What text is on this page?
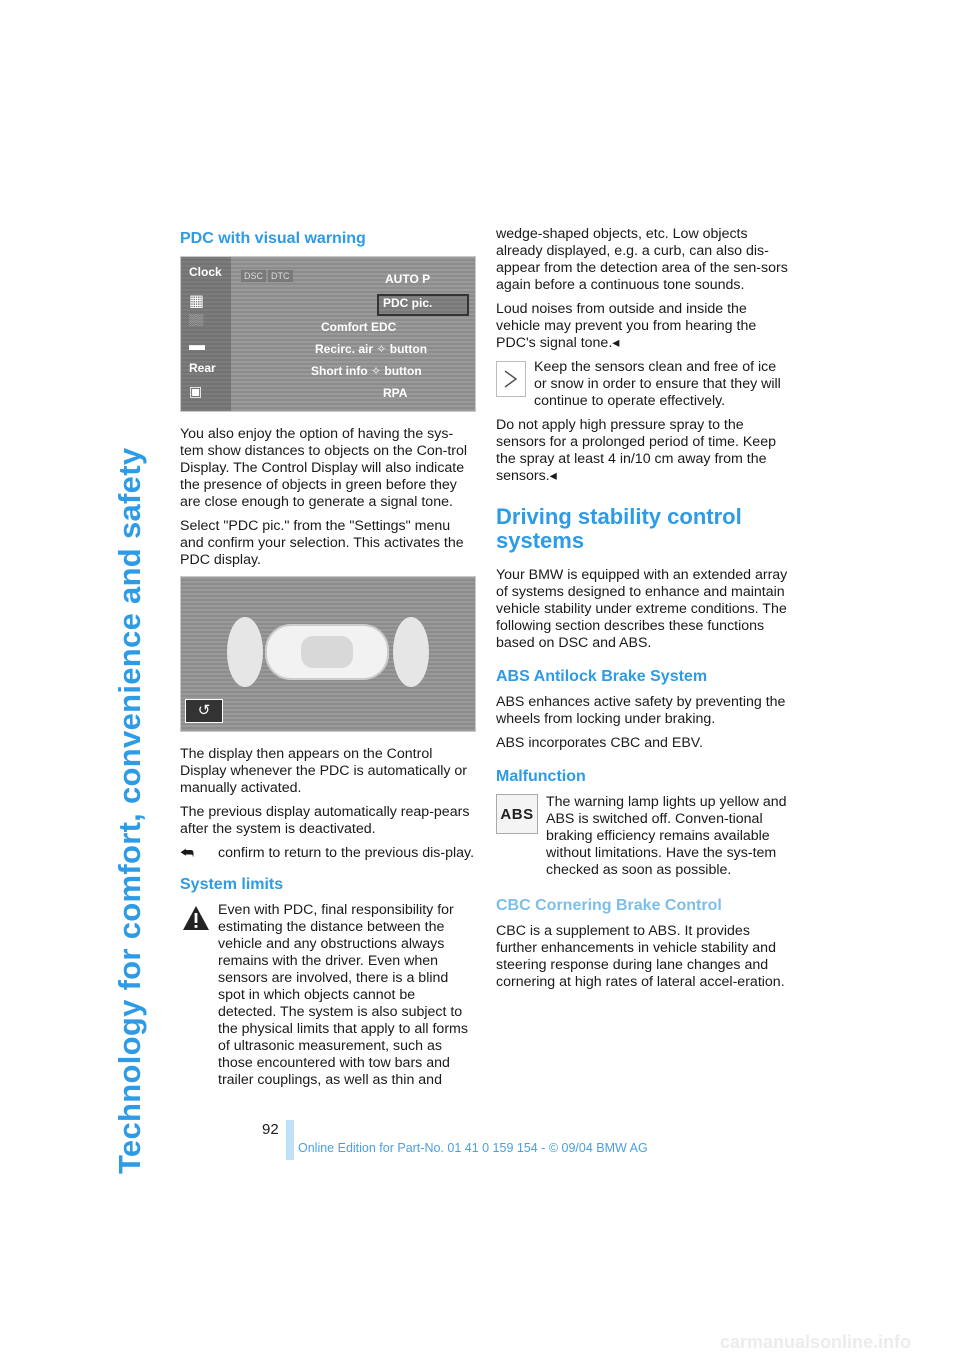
Technology for comfort, convenience and safety
PDC with visual warning
Clock
▦
░░
▬
Rear
▣
DSC DTC	AUTO P
PDC pic.
Comfort EDC
Recirc. air ✧ button
Short info ✧ button
RPA

You also enjoy the option of having the sys-tem show distances to objects on the Con-trol Display. The Control Display will also indicate the presence of objects in green before they are close enough to generate a signal tone.

Select "PDC pic." from the "Settings" menu and confirm your selection. This activates the PDC display.

↺

The display then appears on the Control Display whenever the PDC is automatically or manually activated.

The previous display automatically reap-pears after the system is deactivated.

⮪ confirm to return to the previous dis-play.

System limits

Even with PDC, final responsibility for estimating the distance between the vehicle and any obstructions always remains with the driver. Even when sensors are involved, there is a blind spot in which objects cannot be detected. The system is also subject to the physical limits that apply to all forms of ultrasonic measurement, such as those encountered with tow bars and trailer couplings, as well as thin and

wedge-shaped objects, etc. Low objects already displayed, e.g. a curb, can also dis-appear from the detection area of the sen-sors again before a continuous tone sounds.

Loud noises from outside and inside the vehicle may prevent you from hearing the PDC's signal tone.◂

Keep the sensors clean and free of ice or snow in order to ensure that they will continue to operate effectively.

Do not apply high pressure spray to the sensors for a prolonged period of time. Keep the spray at least 4 in/10 cm away from the sensors.◂

Driving stability control systems

Your BMW is equipped with an extended array of systems designed to enhance and maintain vehicle stability under extreme conditions. The following section describes these functions based on DSC and ABS.

ABS Antilock Brake System

ABS enhances active safety by preventing the wheels from locking under braking.

ABS incorporates CBC and EBV.

Malfunction

ABS
The warning lamp lights up yellow and ABS is switched off. Conven-tional braking efficiency remains available without limitations. Have the sys-tem checked as soon as possible.

CBC Cornering Brake Control

CBC is a supplement to ABS. It provides further enhancements in vehicle stability and steering response during lane changes and cornering at high rates of lateral accel-eration.

92
Online Edition for Part-No. 01 41 0 159 154 - © 09/04 BMW AG
carmanualsonline.info
